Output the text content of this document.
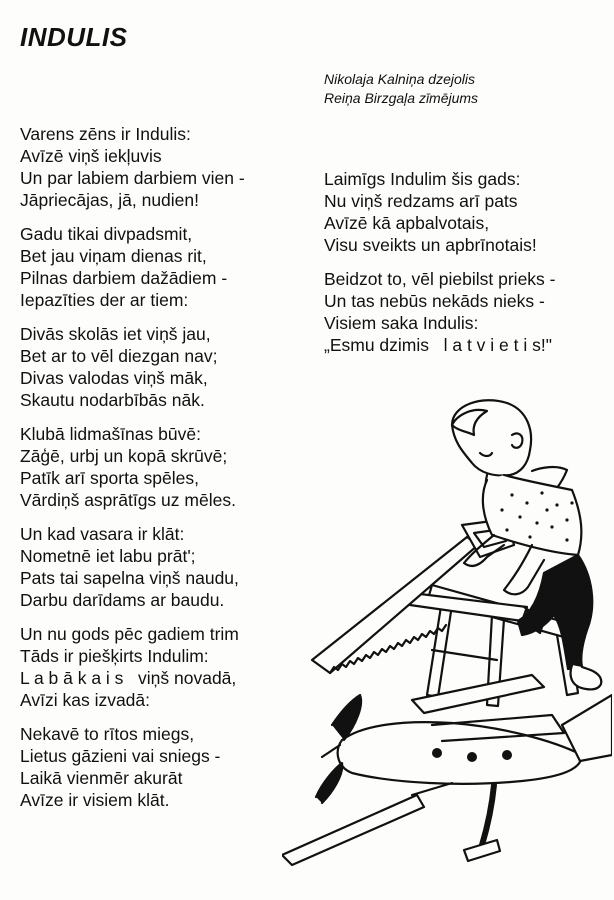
INDULIS
Nikolaja Kalniņa dzejolis
Reiņa Birzgaļa zīmējums
Varens zēns ir Indulis:
Avīzē viņš iekļuvis
Un par labiem darbiem vien -
Jāpriecājas, jā, nudien!
Gadu tikai divpadsmit,
Bet jau viņam dienas rit,
Pilnas darbiem dažādiem -
Iepazīties der ar tiem:
Divās skolās iet viņš jau,
Bet ar to vēl diezgan nav;
Divas valodas viņš māk,
Skautu nodarbībās nāk.
Klubā lidmašīnas būvē:
Zāģē, urbj un kopā skrūvē;
Patīk arī sporta spēles,
Vārdiņš asprātīgs uz mēles.
Un kad vasara ir klāt:
Nometnē iet labu prāt';
Pats tai sapelna viņš naudu,
Darbu darīdams ar baudu.
Un nu gods pēc gadiem trim
Tāds ir piešķirts Indulim:
L a b ā k a i s   viņš novadā,
Avīzi kas izvadā:
Nekavē to rītos miegs,
Lietus gāzieni vai sniegs -
Laikā vienmēr akurāt
Avīze ir visiem klāt.
Laimīgs Indulim šis gads:
Nu viņš redzams arī pats
Avīzē kā apbalvotais,
Visu sveikts un apbrīnotais!
Beidzot to, vēl piebilst prieks -
Un tas nebūs nekāds nieks -
Visiem saka Indulis:
„Esmu dzimis   l a t v i e t i s!"
